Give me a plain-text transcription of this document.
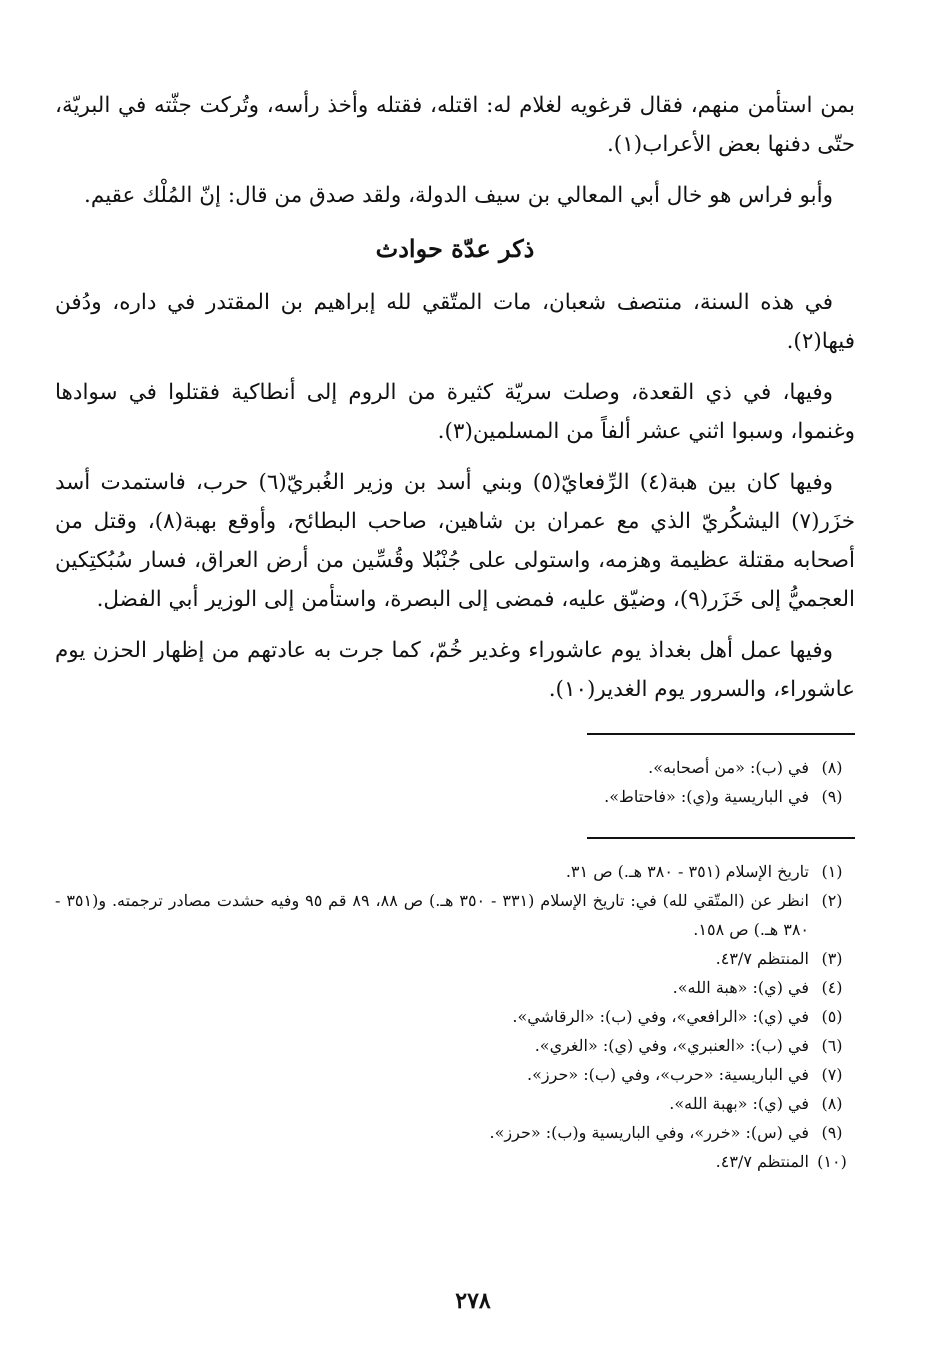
بمن استأمن منهم، فقال قرغويه لغلام له: اقتله، فقتله وأخذ رأسه، وتُركت جثّته في البريّة، حتّى دفنها بعض الأعراب(١).

وأبو فراس هو خال أبي المعالي بن سيف الدولة، ولقد صدق من قال: إنّ المُلْك عقيم.

ذكر عدّة حوادث

في هذه السنة، منتصف شعبان، مات المتّقي لله إبراهيم بن المقتدر في داره، ودُفن فيها(٢).

وفيها، في ذي القعدة، وصلت سريّة كثيرة من الروم إلى أنطاكية فقتلوا في سوادها وغنموا، وسبوا اثني عشر ألفاً من المسلمين(٣).

وفيها كان بين هبة(٤) الرِّفعايّ(٥) وبني أسد بن وزير الغُبريّ(٦) حرب، فاستمدت أسد خزَر(٧) اليشكُريّ الذي مع عمران بن شاهين، صاحب البطائح، وأوقع بهبة(٨)، وقتل من أصحابه مقتلة عظيمة وهزمه، واستولى على جُنْبُلا وقُسِّين من أرض العراق، فسار سُبُكتِكين العجميُّ إلى خَزَر(٩)، وضيّق عليه، فمضى إلى البصرة، واستأمن إلى الوزير أبي الفضل.

وفيها عمل أهل بغداذ يوم عاشوراء وغدير خُمّ، كما جرت به عادتهم من إظهار الحزن يوم عاشوراء، والسرور يوم الغدير(١٠).

(٨)
في (ب): «من أصحابه».
(٩)
في الباريسية و(ي): «فاحتاط».
(١)
تاريخ الإسلام (٣٥١ - ٣٨٠ هـ.) ص ٣١.
(٢)
انظر عن (المتّقي لله) في: تاريخ الإسلام (٣٣١ - ٣٥٠ هـ.) ص ٨٨، ٨٩ قم ٩٥ وفيه حشدت مصادر ترجمته. و(٣٥١ - ٣٨٠ هـ.) ص ١٥٨.
(٣)
المنتظم ٤٣/٧.
(٤)
في (ي): «هبة الله».
(٥)
في (ي): «الرافعي»، وفي (ب): «الرقاشي».
(٦)
في (ب): «العنبري»، وفي (ي): «الغري».
(٧)
في الباريسية: «حرب»، وفي (ب): «حرز».
(٨)
في (ي): «بهبة الله».
(٩)
في (س): «خرر»، وفي الباريسية و(ب): «حرز».
(١٠)
المنتظم ٤٣/٧.
٢٧٨
